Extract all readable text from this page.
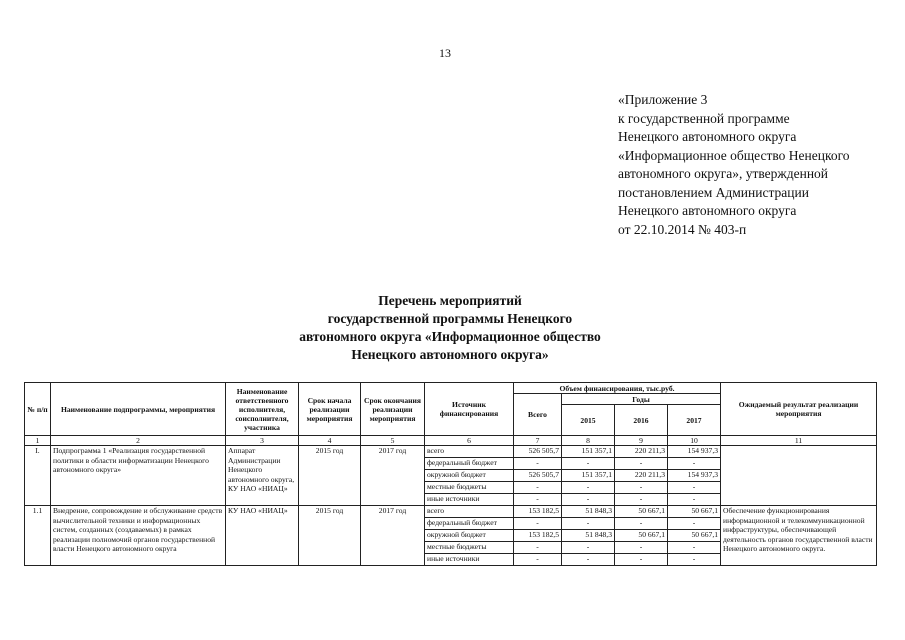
13
«Приложение 3
к государственной программе
Ненецкого автономного округа
«Информационное общество Ненецкого
автономного округа», утвержденной
постановлением Администрации
Ненецкого автономного округа
от 22.10.2014 № 403-п
Перечень мероприятий
государственной программы Ненецкого
автономного округа «Информационное общество
Ненецкого автономного округа»
№ п/п	Наименование подпрограммы, мероприятия	Наименование ответственного исполнителя, соисполнителя, участника	Срок начала реализации мероприятия	Срок окончания реализации мероприятия	Источник финансирования	Объем финансирования, тыс.руб.				Ожидаемый результат реализации мероприятия
						Всего	Годы			
							2015	2016	2017	
1	2	3	4	5	6	7	8	9	10	11
I.	Подпрограмма 1 «Реализация государственной политики в области информатизации Ненецкого автономного округа»	Аппарат Администрации Ненецкого автономного округа, КУ НАО «НИАЦ»	2015 год	2017 год	всего	526 505,7	151 357,1	220 211,3	154 937,3	
					федеральный бюджет	-	-	-	-	
					окружной бюджет	526 505,7	151 357,1	220 211,3	154 937,3	
					местные бюджеты	-	-	-	-	
					иные источники	-	-	-	-	
1.1	Внедрение, сопровождение и обслуживание средств вычислительной техники и информационных систем, созданных (создаваемых) в рамках реализации полномочий органов государственной власти Ненецкого автономного округа	КУ НАО «НИАЦ»	2015 год	2017 год	всего	153 182,5	51 848,3	50 667,1	50 667,1	Обеспечение функционирования информационной и телекоммуникационной инфраструктуры, обеспечивающей деятельность органов государственной власти Ненецкого автономного округа.
					федеральный бюджет	-	-	-	-	
					окружной бюджет	153 182,5	51 848,3	50 667,1	50 667,1	
					местные бюджеты	-	-	-	-	
					иные источники	-	-	-	-	
